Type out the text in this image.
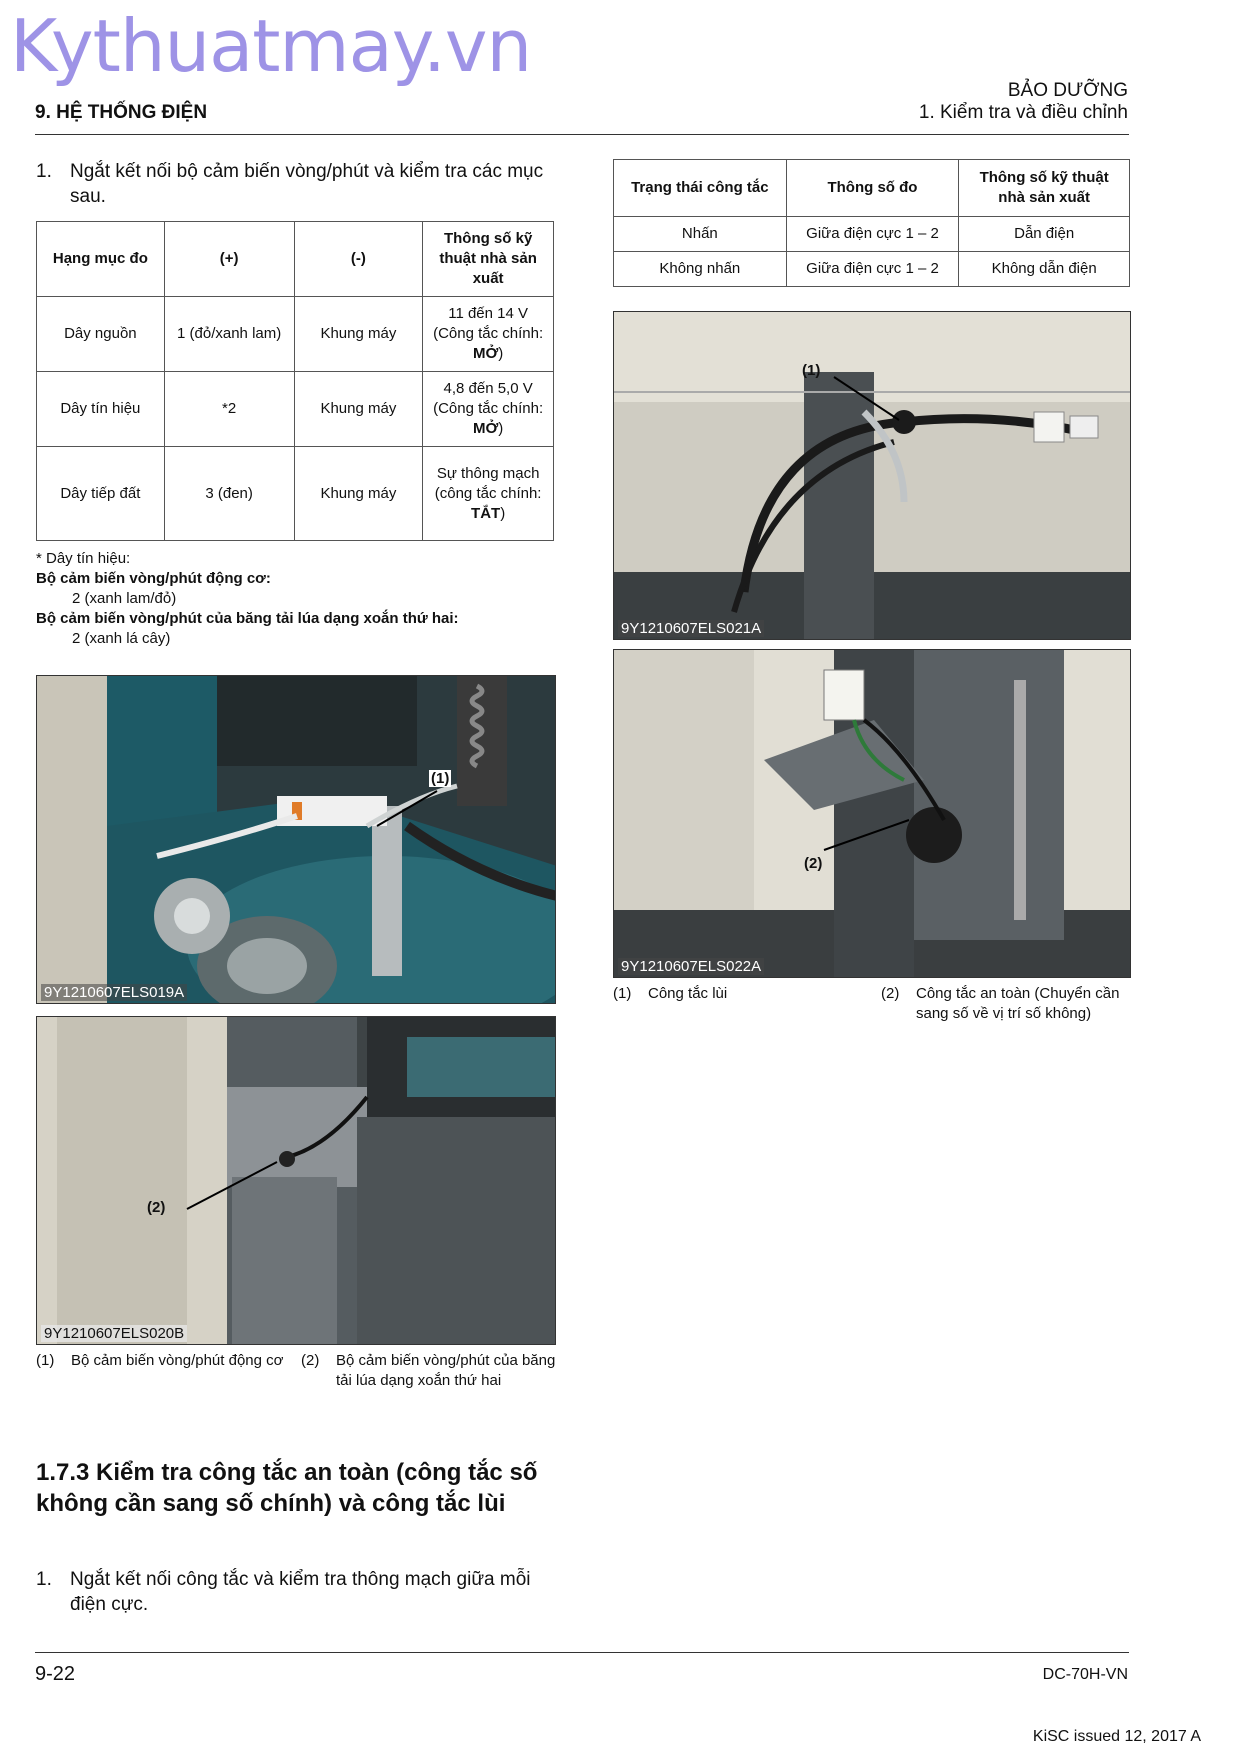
Kythuatmay.vn
9. HỆ THỐNG ĐIỆN
BẢO DƯỠNG
1. Kiểm tra và điều chỉnh
1. Ngắt kết nối bộ cảm biến vòng/phút và kiểm tra các mục sau.
Hạng mục đo	(+)	(-)	Thông số kỹ thuật nhà sản xuất
Dây nguồn	1 (đỏ/xanh lam)	Khung máy	11 đến 14 V (Công tắc chính: MỞ)
Dây tín hiệu	*2	Khung máy	4,8 đến 5,0 V (Công tắc chính: MỞ)
Dây tiếp đất	3 (đen)	Khung máy	Sự thông mạch (công tắc chính: TẮT)
* Dây tín hiệu:
Bộ cảm biến vòng/phút động cơ:
2 (xanh lam/đỏ)
Bộ cảm biến vòng/phút của băng tải lúa dạng xoắn thứ hai:
2 (xanh lá cây)
Trạng thái công tắc	Thông số đo	Thông số kỹ thuật nhà sản xuất
Nhấn	Giữa điện cực 1 – 2	Dẫn điện
Không nhấn	Giữa điện cực 1 – 2	Không dẫn điện
(1)
9Y1210607ELS019A
(2)
9Y1210607ELS020B
(1) Bộ cảm biến vòng/phút động cơ	(2) Bộ cảm biến vòng/phút của băng tải lúa dạng xoắn thứ hai
(1)
9Y1210607ELS021A
(2)
9Y1210607ELS022A
(1) Công tắc lùi	(2) Công tắc an toàn (Chuyển cần sang số về vị trí số không)
1.7.3 Kiểm tra công tắc an toàn (công tắc số không cần sang số chính) và công tắc lùi
1. Ngắt kết nối công tắc và kiểm tra thông mạch giữa mỗi điện cực.
9-22	DC-70H-VN
KiSC issued 12, 2017 A
